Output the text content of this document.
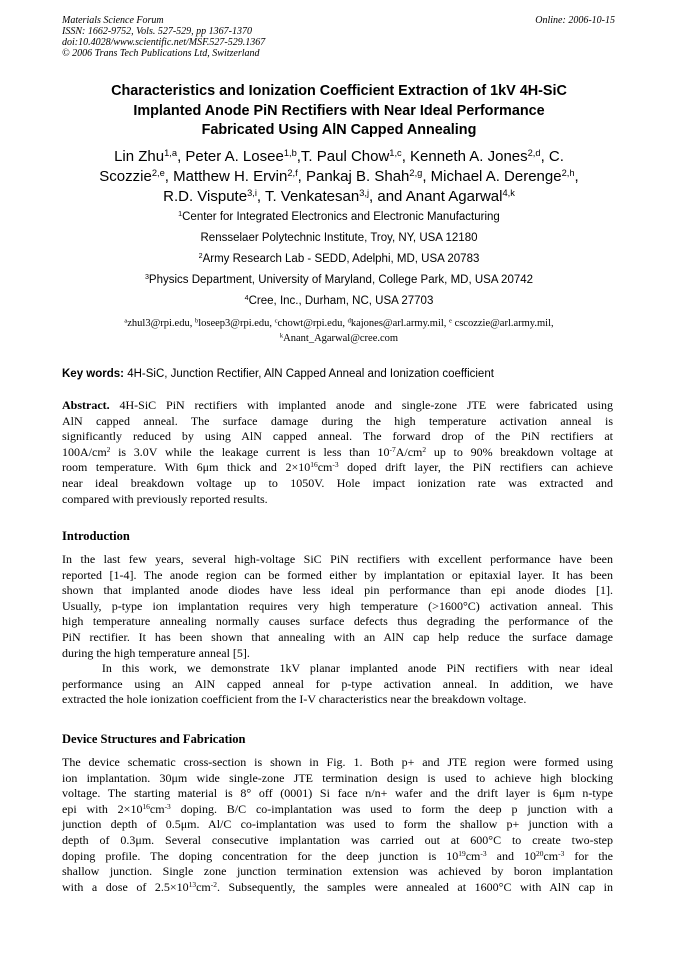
Materials Science Forum
ISSN: 1662-9752, Vols. 527-529, pp 1367-1370
doi:10.4028/www.scientific.net/MSF.527-529.1367
© 2006 Trans Tech Publications Ltd, Switzerland
Online: 2006-10-15
Characteristics and Ionization Coefficient Extraction of 1kV 4H-SiC
Implanted Anode PiN Rectifiers with Near Ideal Performance
Fabricated Using AlN Capped Annealing
Lin Zhu$^{1,a}$, Peter A. Losee$^{1,b}$,T. Paul Chow$^{1,c}$, Kenneth A. Jones$^{2,d}$, C.
Scozzie$^{2,e}$, Matthew H. Ervin$^{2,f}$, Pankaj B. Shah$^{2,g}$, Michael A. Derenge$^{2,h}$,
R.D. Vispute$^{3,i}$, T. Venkatesan$^{3,j}$, and Anant Agarwal$^{4,k}$
$^1$Center for Integrated Electronics and Electronic Manufacturing
Rensselaer Polytechnic Institute, Troy, NY, USA 12180
$^2$Army Research Lab - SEDD, Adelphi, MD, USA 20783
$^3$Physics Department, University of Maryland, College Park, MD, USA 20742
$^4$Cree, Inc., Durham, NC, USA 27703
$^a$zhul3@rpi.edu, $^b$loseep3@rpi.edu, $^c$chowt@rpi.edu, $^d$kajones@arl.army.mil, $^e$ cscozzie@arl.army.mil,
$^k$Anant_Agarwal@cree.com
Key words: 4H-SiC, Junction Rectifier, AlN Capped Anneal and Ionization coefficient
Abstract. 4H-SiC PiN rectifiers with implanted anode and single-zone JTE were fabricated using
AlN capped anneal. The surface damage during the high temperature activation anneal is
significantly reduced by using AlN capped anneal. The forward drop of the PiN rectifiers at
$100A/cm^2$ is 3.0V while the leakage current is less than $10^{-7}A/cm^2$ up to 90% breakdown voltage at
room temperature. With 6μm thick and $2\times 10^{16}cm^{-3}$ doped drift layer, the PiN rectifiers can achieve
near ideal breakdown voltage up to 1050V. Hole impact ionization rate was extracted and
compared with previously reported results.
Introduction
In the last few years, several high-voltage SiC PiN rectifiers with excellent performance have been
reported [1-4]. The anode region can be formed either by implantation or epitaxial layer. It has been
shown that implanted anode diodes have less ideal pin performance than epi anode diodes [1].
Usually, p-type ion implantation requires very high temperature (>1600°C) activation anneal. This
high temperature annealing normally causes surface defects thus degrading the performance of the
PiN rectifier. It has been shown that annealing with an AlN cap help reduce the surface damage
during the high temperature anneal [5].
In this work, we demonstrate 1kV planar implanted anode PiN rectifiers with near ideal
performance using an AlN capped anneal for p-type activation anneal. In addition, we have
extracted the hole ionization coefficient from the I-V characteristics near the breakdown voltage.
Device Structures and Fabrication
The device schematic cross-section is shown in Fig. 1. Both p+ and JTE region were formed using
ion implantation. 30μm wide single-zone JTE termination design is used to achieve high blocking
voltage. The starting material is 8° off (0001) Si face n/n+ wafer and the drift layer is 6μm n-type
epi with $2\times 10^{16}cm^{-3}$ doping. B/C co-implantation was used to form the deep p junction with a
junction depth of 0.5μm. Al/C co-implantation was used to form the shallow p+ junction with a
depth of 0.3μm. Several consecutive implantation was carried out at 600°C to create two-step
doping profile. The doping concentration for the deep junction is $10^{19}cm^{-3}$ and $10^{20}cm^{-3}$ for the
shallow junction. Single zone junction termination extension was achieved by boron implantation
with a dose of $2.5\times 10^{13}cm^{-2}$. Subsequently, the samples were annealed at 1600°C with AlN cap in
